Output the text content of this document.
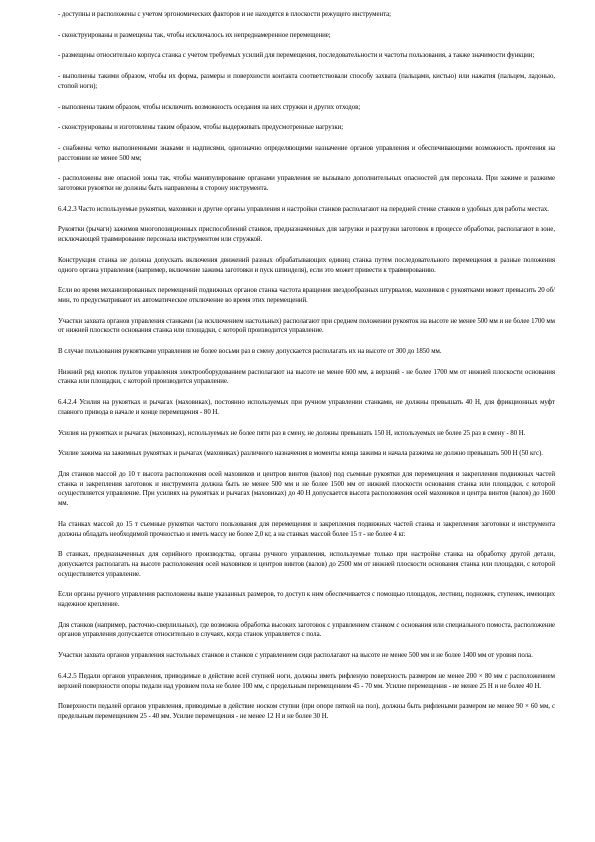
- доступны и расположены с учетом эргономических факторов и не находятся в плоскости режущего инструмента;

- сконструированы и размещены так, чтобы исключалось их непреднамеренное перемещение;

- размещены относительно корпуса станка с учетом требуемых усилий для перемещения, последовательности и частоты пользования, а также значимости функции;

- выполнены такими образом, чтобы их форма, размеры и поверхности контакта соответствовали способу захвата (пальцами, кистью) или нажатия (пальцем, ладонью, стопой ноги);

- выполнены таким образом, чтобы исключить возможность оседания на них стружки и других отходов;

- сконструированы и изготовлены таким образом, чтобы выдерживать предусмотренные нагрузки;

- снабжены четко выполненными знаками и надписями, однозначно определяющими назначение органов управления и обеспечивающими возможность прочтения на расстоянии не менее 500 мм;

- расположены вне опасной зоны так, чтобы манипулирование органами управления не вызывало дополнительных опасностей для персонала. При зажиме и разжиме заготовки рукоятки не должны быть направлены в сторону инструмента.

6.4.2.3 Часто используемые рукоятки, маховики и другие органы управления и настройки станков располагают на передней стенке станков в удобных для работы местах.

Рукоятки (рычаги) зажимов многопозиционных приспособлений станков, предназначенных для загрузки и разгрузки заготовок в процессе обработки, располагают в зоне, исключающей травмирование персонала инструментом или стружкой.

Конструкция станка не должна допускать включения движений разных обрабатывающих единиц станка путем последовательного перемещения в разные положения одного органа управления (например, включение зажима заготовки и пуск шпинделя), если это может привести к травмированию.

Если во время механизированных перемещений подвижных органов станка частота вращения звездообразных штурвалов, маховиков с рукоятками может превысить 20 об/мин, то предусматривают их автоматическое отключение во время этих перемещений.

Участки захвата органов управления станками (за исключением настольных) располагают при среднем положении рукояток на высоте не менее 500 мм и не более 1700 мм от нижней плоскости основания станка или площадки, с которой производится управление.

В случае пользования рукоятками управления не более восьми раз в смену допускается располагать их на высоте от 300 до 1850 мм.

Нижний ряд кнопок пультов управления электрооборудованием располагают на высоте не менее 600 мм, а верхний - не более 1700 мм от нижней плоскости основания станка или площадки, с которой производится управление.

6.4.2.4 Усилия на рукоятках и рычагах (маховиках), постоянно используемых при ручном управлении станками, не должны превышать 40 Н, для фрикционных муфт главного привода в начале и конце перемещения - 80 Н.

Усилия на рукоятках и рычагах (маховиках), используемых не более пяти раз в смену, не должны превышать 150 Н, используемых не более 25 раз в смену - 80 Н.

Усилие зажима на зажимных рукоятках и рычагах (маховиках) различного назначения в моменты конца зажима и начала разжима не должно превышать 500 Н (50 кгс).

Для станков массой до 10 т высота расположения осей маховиков и центров винтов (валов) под съемные рукоятки для перемещения и закрепления подвижных частей станка и закрепления заготовок и инструмента должна быть не менее 500 мм и не более 1500 мм от нижней плоскости основания станка или площадки, с которой осуществляется управление. При усилиях на рукоятках и рычагах (маховиках) до 40 Н допускается высота расположения осей маховиков и центра винтов (валов) до 1600 мм.

На станках массой до 15 т съемные рукоятки частого пользования для перемещения и закрепления подвижных частей станка и закрепления заготовки и инструмента должны обладать необходимой прочностью и иметь массу не более 2,0 кг, а на станках массой более 15 т - не более 4 кг.

В станках, предназначенных для серийного производства, органы ручного управления, используемые только при настройке станка на обработку другой детали, допускается располагать на высоте расположения осей маховиков и центров винтов (валов) до 2500 мм от нижней плоскости основания станка или площадки, с которой осуществляется управление.

Если органы ручного управления расположены выше указанных размеров, то доступ к ним обеспечивается с помощью площадок, лестниц, подножек, ступенек, имеющих надежное крепление.

Для станков (например, расточно-сверлильных), где возможна обработка высоких заготовок с управлением станком с основания или специального помоста, расположение органов управления допускается относительно в случаях, когда станок управляется с пола.

Участки захвата органов управления настольных станков и станков с управлением сидя располагают на высоте не менее 500 мм и не более 1400 мм от уровня пола.

6.4.2.5 Педали органов управления, приводимые в действие всей ступней ноги, должны иметь рифленую поверхность размером не менее 200 × 80 мм с расположением верхней поверхности опоры педали над уровнем пола не более 100 мм, с предельным перемещением 45 - 70 мм. Усилие перемещения - не менее 25 Н и не более 40 Н.

Поверхности педалей органов управления, приводимые в действие носком ступни (при опоре пяткой на пол), должны быть рифлеными размером не менее 90 × 60 мм, с предельным перемещением 25 - 40 мм. Усилие перемещения - не менее 12 Н и не более 30 Н.
